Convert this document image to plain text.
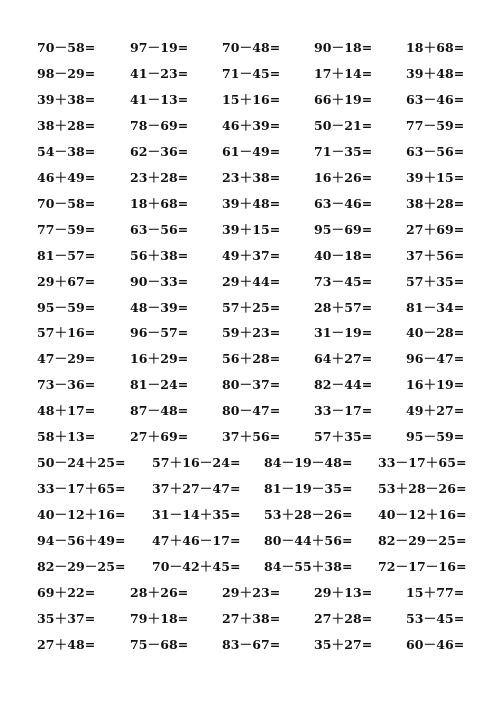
70－58=	97－19=	70－48=	90－18=	18＋68=
98－29=	41－23=	71－45=	17＋14=	39＋48=
39＋38=	41－13=	15＋16=	66＋19=	63－46=
38＋28=	78－69=	46＋39=	50－21=	77－59=
54－38=	62－36=	61－49=	71－35=	63－56=
46＋49=	23＋28=	23＋38=	16＋26=	39＋15=
70－58=	18＋68=	39＋48=	63－46=	38＋28=
77－59=	63－56=	39＋15=	95－69=	27＋69=
81－57=	56＋38=	49＋37=	40－18=	37＋56=
29＋67=	90－33=	29＋44=	73－45=	57＋35=
95－59=	48－39=	57＋25=	28＋57=	81－34=
57＋16=	96－57=	59＋23=	31－19=	40－28=
47－29=	16＋29=	56＋28=	64＋27=	96－47=
73－36=	81－24=	80－37=	82－44=	16＋19=
48＋17=	87－48=	80－47=	33－17=	49＋27=
58＋13=	27＋69=	37＋56=	57＋35=	95－59=
50－24＋25= 57＋16－24= 84－19－48= 33－17＋65=
33－17＋65= 37＋27－47= 81－19－35= 53＋28－26=
40－12＋16= 31－14＋35= 53＋28－26= 40－12＋16=
94－56＋49= 47＋46－17= 80－44＋56= 82－29－25=
82－29－25= 70－42＋45= 84－55＋38= 72－17－16=
69＋22=	28＋26=	29＋23=	29＋13=	15＋77=
35＋37=	79＋18=	27＋38=	27＋28=	53－45=
27＋48=	75－68=	83－67=	35＋27=	60－46=
